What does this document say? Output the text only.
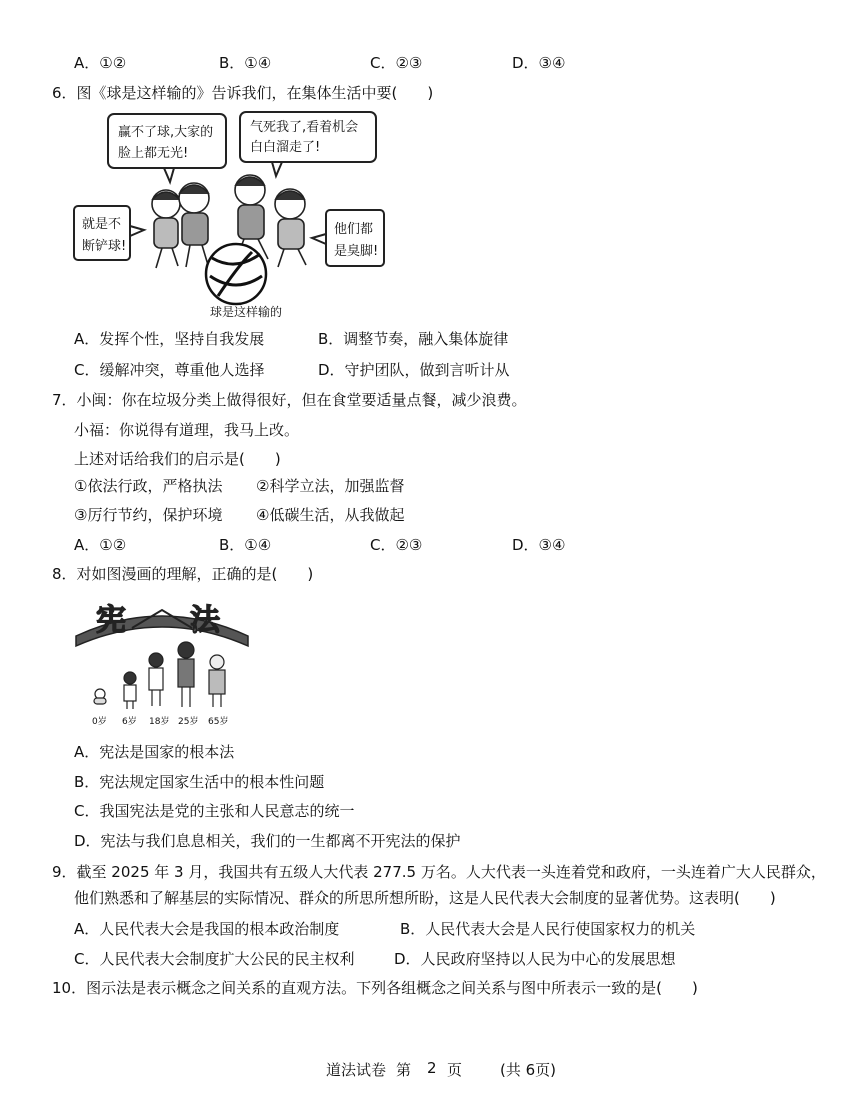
A．①②	B．①④	C．②③	D．③④
6．图《球是这样输的》告诉我们，在集体生活中要(　　)
赢不了球,大家的
脸上都无光!
气死我了,看着机会
白白溜走了!
就是不
断铲球!
他们都
是臭脚!
球是这样输的
A．发挥个性，坚持自我发展	B．调整节奏，融入集体旋律
C．缓解冲突，尊重他人选择	D．守护团队，做到言听计从
7．小闽：你在垃圾分类上做得很好，但在食堂要适量点餐，减少浪费。
小福：你说得有道理，我马上改。
上述对话给我们的启示是(　　)
①依法行政，严格执法 ②科学立法，加强监督
③厉行节约，保护环境 ④低碳生活，从我做起
A．①②	B．①④	C．②③	D．③④
8．对如图漫画的理解，正确的是(　　)
宪 法
0岁 6岁 18岁 25岁 65岁
A．宪法是国家的根本法
B．宪法规定国家生活中的根本性问题
C．我国宪法是党的主张和人民意志的统一
D．宪法与我们息息相关，我们的一生都离不开宪法的保护
9．截至 2025 年 3 月，我国共有五级人大代表 277.5 万名。人大代表一头连着党和政府，一头连着广大人民群众，
他们熟悉和了解基层的实际情况、群众的所思所想所盼，这是人民代表大会制度的显著优势。这表明(　　)
A．人民代表大会是我国的根本政治制度	B．人民代表大会是人民行使国家权力的机关
C．人民代表大会制度扩大公民的民主权利	D．人民政府坚持以人民为中心的发展思想
10．图示法是表示概念之间关系的直观方法。下列各组概念之间关系与图中所表示一致的是(　　)
道法试卷 第 2 页	(共 6页)
